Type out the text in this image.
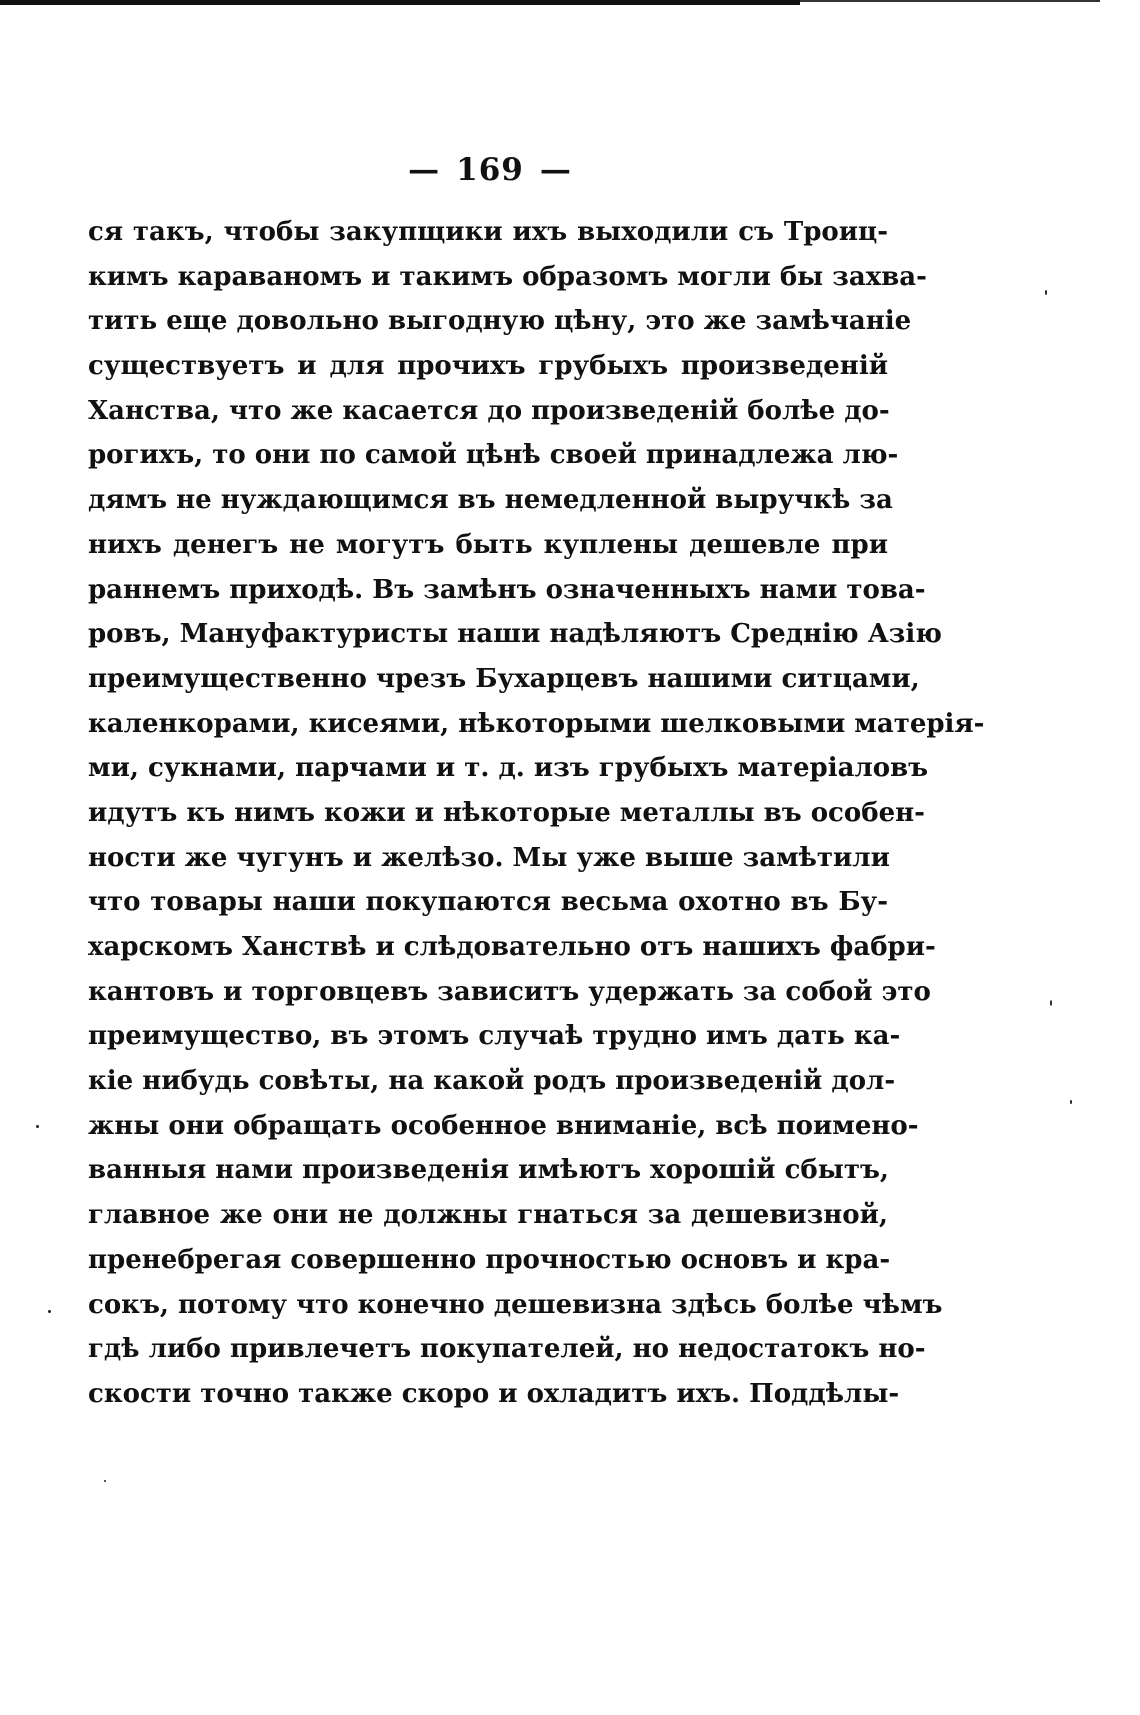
— 169 —
ся такъ, чтобы закупщики ихъ выходили съ Троиц-
кимъ караваномъ и такимъ образомъ могли бы захва-
тить еще довольно выгодную цѣну, это же замѣчаніе
существуетъ и для прочихъ грубыхъ произведеній
Ханства, что же касается до произведеній болѣе до-
рогихъ, то они по самой цѣнѣ своей принадлежа лю-
дямъ не нуждающимся въ немедленной выручкѣ за
нихъ денегъ не могутъ быть куплены дешевле при
раннемъ приходѣ. Въ замѣнъ означенныхъ нами това-
ровъ, Мануфактуристы наши надѣляютъ Среднію Азію
преимущественно чрезъ Бухарцевъ нашими ситцами,
каленкорами, кисеями, нѣкоторыми шелковыми матерія-
ми, сукнами, парчами и т. д. изъ грубыхъ матеріаловъ
идутъ къ нимъ кожи и нѣкоторые металлы въ особен-
ности же чугунъ и желѣзо. Мы уже выше замѣтили
что товары наши покупаются весьма охотно въ Бу-
харскомъ Ханствѣ и слѣдовательно отъ нашихъ фабри-
кантовъ и торговцевъ зависитъ удержать за собой это
преимущество, въ этомъ случаѣ трудно имъ дать ка-
кіе нибудь совѣты, на какой родъ произведеній дол-
жны они обращать особенное вниманіе, всѣ поимено-
ванныя нами произведенія имѣютъ хорошій сбытъ,
главное же они не должны гнаться за дешевизной,
пренебрегая совершенно прочностью основъ и кра-
сокъ, потому что конечно дешевизна здѣсь болѣе чѣмъ
гдѣ либо привлечетъ покупателей, но недостатокъ но-
скости точно также скоро и охладитъ ихъ. Поддѣлы-
